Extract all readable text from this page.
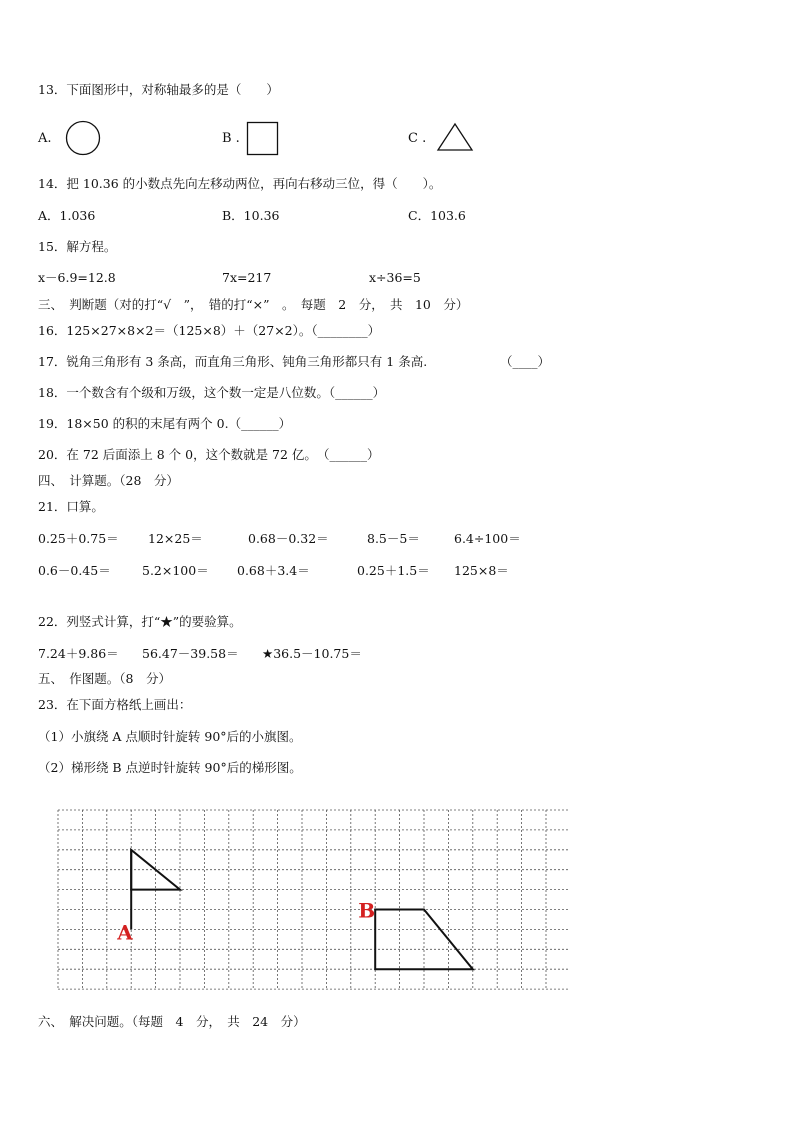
13．下面图形中，对称轴最多的是（　　）
A.	B .	C .
14．把 10.36 的小数点先向左移动两位，再向右移动三位，得（　　）。
A．1.036	B．10.36	C．103.6
15．解方程。
x－6.9=12.8	7x=217	x÷36=5
三、　判断题（对的打“√　”，　错的打“×”　。　每题　2　分，　共　10　分）
16．125×27×8×2＝（125×8）＋（27×2）。（________）
17．锐角三角形有 3 条高，而直角三角形、钝角三角形都只有 1 条高.	（____）
18．一个数含有个级和万级，这个数一定是八位数。（______）
19．18×50 的积的末尾有两个 0.（______）
20．在 72 后面添上 8 个 0，这个数就是 72 亿。　（______）
四、　计算题。（28　分）
21．口算。
0.25＋0.75＝ 12×25＝	0.68－0.32＝	8.5－5＝	6.4÷100＝
0.6－0.45＝	5.2×100＝ 0.68＋3.4＝	0.25＋1.5＝ 125×8＝
22．列竖式计算，打“★”的要验算。
7.24＋9.86＝ 56.47－39.58＝ ★36.5－10.75＝
五、　作图题。（8　分）
23．在下面方格纸上画出：
（1）小旗绕 A 点顺时针旋转 90°后的小旗图。
（2）梯形绕 B 点逆时针旋转 90°后的梯形图。
A
B
六、　解决问题。（每题　4　分，　共　24　分）
